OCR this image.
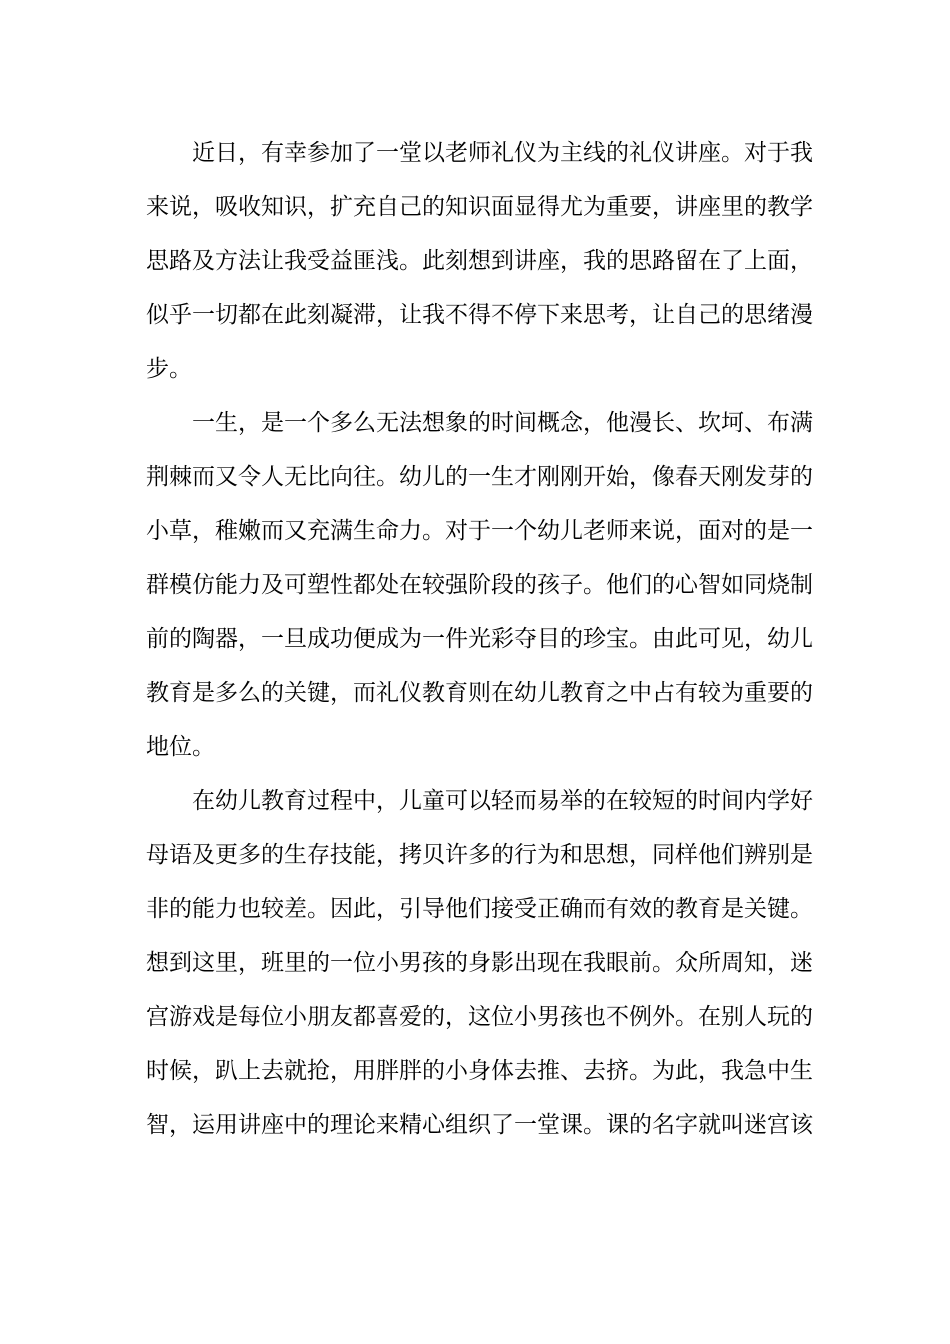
近日，有幸参加了一堂以老师礼仪为主线的礼仪讲座。对于我
来说，吸收知识，扩充自己的知识面显得尤为重要，讲座里的教学
思路及方法让我受益匪浅。此刻想到讲座，我的思路留在了上面，
似乎一切都在此刻凝滞，让我不得不停下来思考，让自己的思绪漫
步。

一生，是一个多么无法想象的时间概念，他漫长、坎坷、布满
荆棘而又令人无比向往。幼儿的一生才刚刚开始，像春天刚发芽的
小草，稚嫩而又充满生命力。对于一个幼儿老师来说，面对的是一
群模仿能力及可塑性都处在较强阶段的孩子。他们的心智如同烧制
前的陶器，一旦成功便成为一件光彩夺目的珍宝。由此可见，幼儿
教育是多么的关键，而礼仪教育则在幼儿教育之中占有较为重要的
地位。

在幼儿教育过程中，儿童可以轻而易举的在较短的时间内学好
母语及更多的生存技能，拷贝许多的行为和思想，同样他们辨别是
非的能力也较差。因此，引导他们接受正确而有效的教育是关键。
想到这里，班里的一位小男孩的身影出现在我眼前。众所周知，迷
宫游戏是每位小朋友都喜爱的，这位小男孩也不例外。在别人玩的
时候，趴上去就抢，用胖胖的小身体去推、去挤。为此，我急中生
智，运用讲座中的理论来精心组织了一堂课。课的名字就叫迷宫该
